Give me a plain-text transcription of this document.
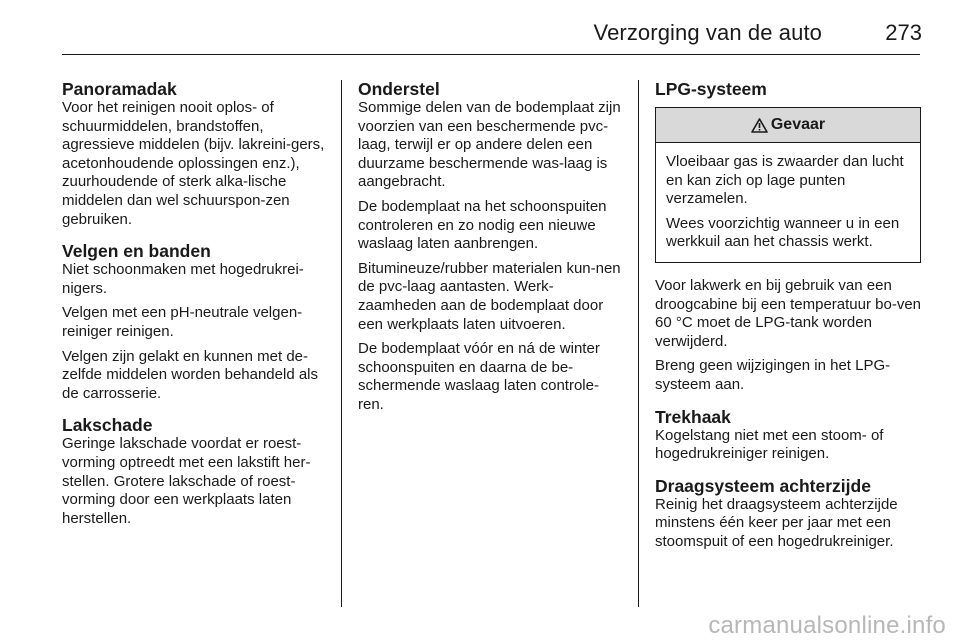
Verzorging van de auto	273
Panoramadak

Voor het reinigen nooit oplos- of schuurmiddelen, brandstoffen, agressieve middelen (bijv. lakreini-gers, acetonhoudende oplossingen enz.), zuurhoudende of sterk alka-lische middelen dan wel schuurspon-zen gebruiken.

Velgen en banden

Niet schoonmaken met hogedrukrei-nigers.

Velgen met een pH-neutrale velgen-reiniger reinigen.

Velgen zijn gelakt en kunnen met de-zelfde middelen worden behandeld als de carrosserie.

Lakschade

Geringe lakschade voordat er roest-vorming optreedt met een lakstift her-stellen. Grotere lakschade of roest-vorming door een werkplaats laten herstellen.

Onderstel

Sommige delen van de bodemplaat zijn voorzien van een beschermende pvc-laag, terwijl er op andere delen een duurzame beschermende was-laag is aangebracht.

De bodemplaat na het schoonspuiten controleren en zo nodig een nieuwe waslaag laten aanbrengen.

Bitumineuze/rubber materialen kun-nen de pvc-laag aantasten. Werk-zaamheden aan de bodemplaat door een werkplaats laten uitvoeren.

De bodemplaat vóór en ná de winter schoonspuiten en daarna de be-schermende waslaag laten controle-ren.

LPG-systeem
Gevaar

Vloeibaar gas is zwaarder dan lucht en kan zich op lage punten verzamelen.

Wees voorzichtig wanneer u in een werkkuil aan het chassis werkt.

Voor lakwerk en bij gebruik van een droogcabine bij een temperatuur bo-ven 60 °C moet de LPG-tank worden verwijderd.

Breng geen wijzigingen in het LPG-systeem aan.

Trekhaak

Kogelstang niet met een stoom- of hogedrukreiniger reinigen.

Draagsysteem achterzijde

Reinig het draagsysteem achterzijde minstens één keer per jaar met een stoomspuit of een hogedrukreiniger.

carmanualsonline.info
